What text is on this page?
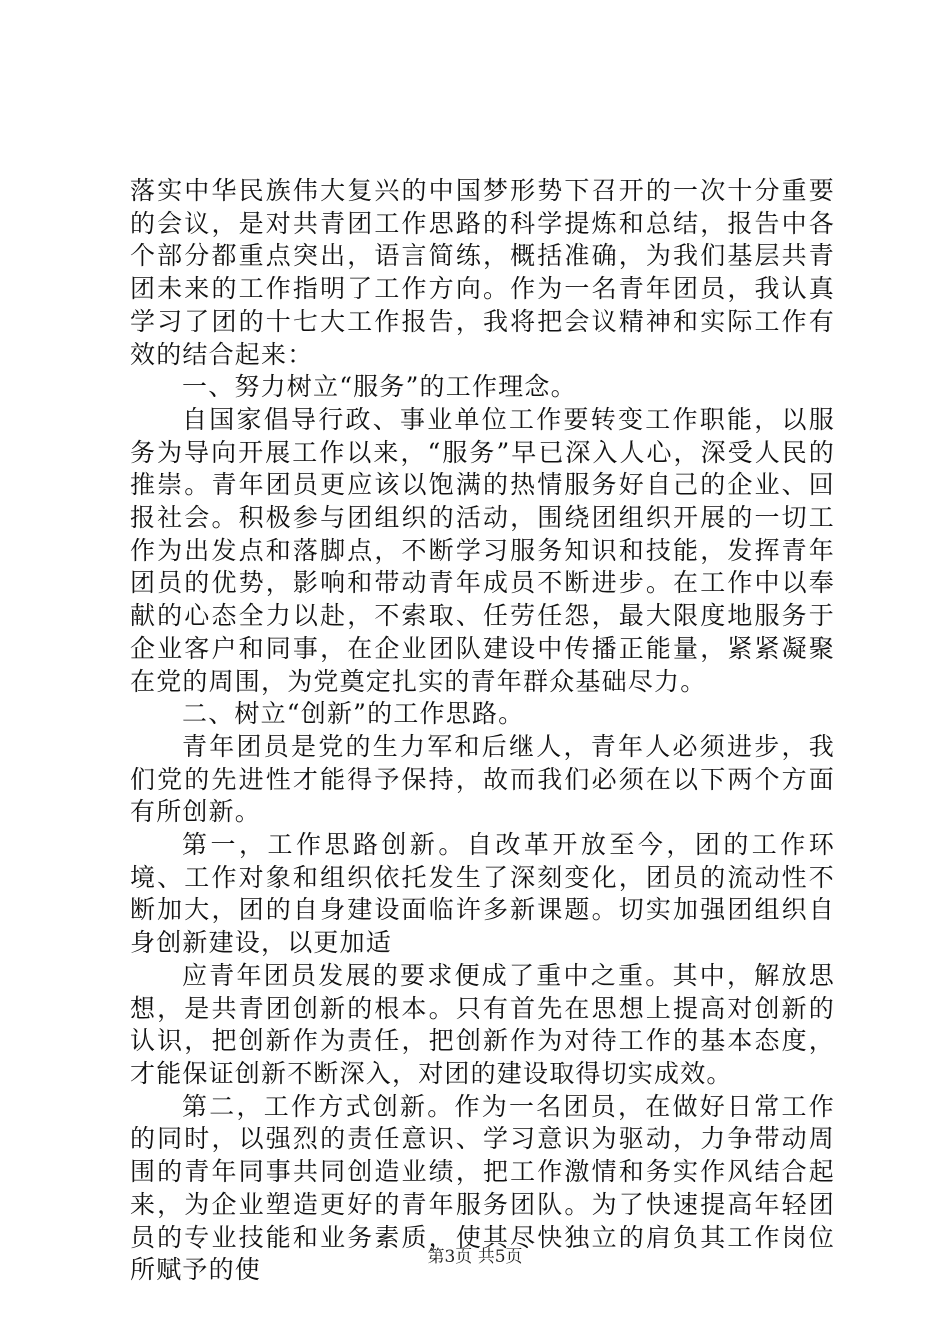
落实中华民族伟大复兴的中国梦形势下召开的一次十分重要的会议，是对共青团工作思路的科学提炼和总结，报告中各个部分都重点突出，语言简练，概括准确，为我们基层共青团未来的工作指明了工作方向。作为一名青年团员，我认真学习了团的十七大工作报告，我将把会议精神和实际工作有效的结合起来：

一、努力树立“服务”的工作理念。

自国家倡导行政、事业单位工作要转变工作职能，以服务为导向开展工作以来，“服务”早已深入人心，深受人民的推崇。青年团员更应该以饱满的热情服务好自己的企业、回报社会。积极参与团组织的活动，围绕团组织开展的一切工作为出发点和落脚点，不断学习服务知识和技能，发挥青年团员的优势，影响和带动青年成员不断进步。在工作中以奉献的心态全力以赴，不索取、任劳任怨，最大限度地服务于企业客户和同事，在企业团队建设中传播正能量，紧紧凝聚在党的周围，为党奠定扎实的青年群众基础尽力。

二、树立“创新”的工作思路。

青年团员是党的生力军和后继人，青年人必须进步，我们党的先进性才能得予保持，故而我们必须在以下两个方面有所创新。

第一，工作思路创新。自改革开放至今，团的工作环境、工作对象和组织依托发生了深刻变化，团员的流动性不断加大，团的自身建设面临许多新课题。切实加强团组织自身创新建设，以更加适

应青年团员发展的要求便成了重中之重。其中，解放思想，是共青团创新的根本。只有首先在思想上提高对创新的认识，把创新作为责任，把创新作为对待工作的基本态度，才能保证创新不断深入，对团的建设取得切实成效。

第二，工作方式创新。作为一名团员，在做好日常工作的同时，以强烈的责任意识、学习意识为驱动，力争带动周围的青年同事共同创造业绩，把工作激情和务实作风结合起来，为企业塑造更好的青年服务团队。为了快速提高年轻团员的专业技能和业务素质，使其尽快独立的肩负其工作岗位所赋予的使	第3页 共5页
